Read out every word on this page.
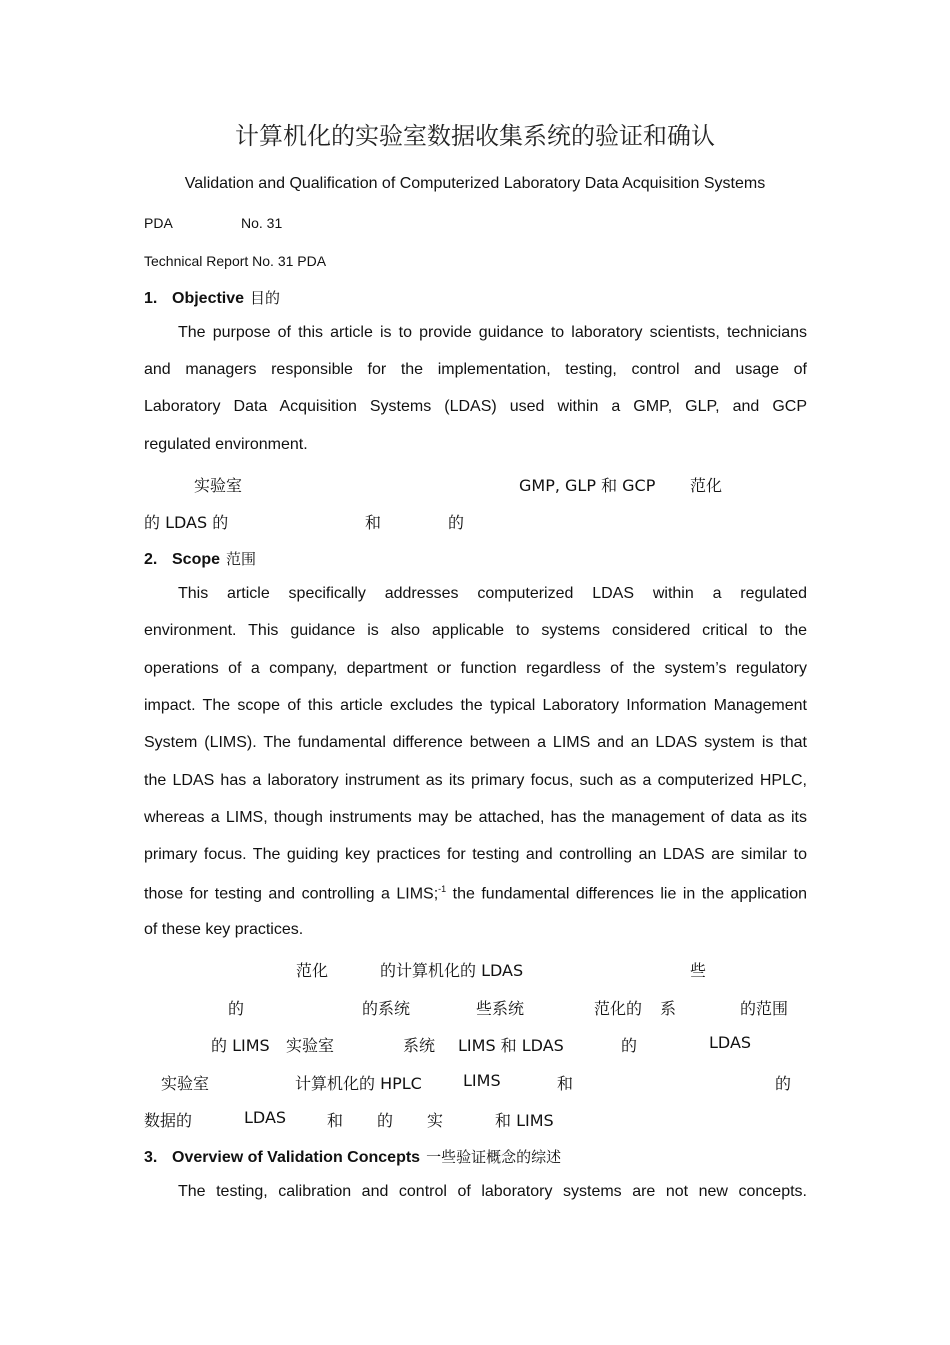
计算机化的实验室数据收集系统的验证和确认
Validation and Qualification of Computerized Laboratory Data Acquisition Systems
PDA	No. 31
Technical Report No. 31 PDA
1. Objective 目的
The purpose of this article is to provide guidance to laboratory scientists, technicians
and managers responsible for the implementation, testing, control and usage of
Laboratory Data Acquisition Systems (LDAS) used within a GMP, GLP, and GCP
regulated environment.
实验室	GMP, GLP 和 GCP 范化
的 LDAS 的	和	的
2. Scope 范围
This article specifically addresses computerized LDAS within a regulated
environment. This guidance is also applicable to systems considered critical to the
operations of a company, department or function regardless of the system’s regulatory
impact. The scope of this article excludes the typical Laboratory Information Management
System (LIMS). The fundamental difference between a LIMS and an LDAS system is that
the LDAS has a laboratory instrument as its primary focus, such as a computerized HPLC,
whereas a LIMS, though instruments may be attached, has the management of data as its
primary focus. The guiding key practices for testing and controlling an LDAS are similar to
those for testing and controlling a LIMS;$^{-1}$ the fundamental differences lie in the application
of these key practices.
范化	的计算机化的 LDAS	些
的	的系统	些系统	范化的 系	的范围
的 LIMS 实验室	系统 LIMS 和 LDAS	的	LDAS
实验室	计算机化的 HPLC	LIMS	和	的
数据的	LDAS	和 的 实	和 LIMS
3. Overview of Validation Concepts 一些验证概念的综述
The testing, calibration and control of laboratory systems are not new concepts.
